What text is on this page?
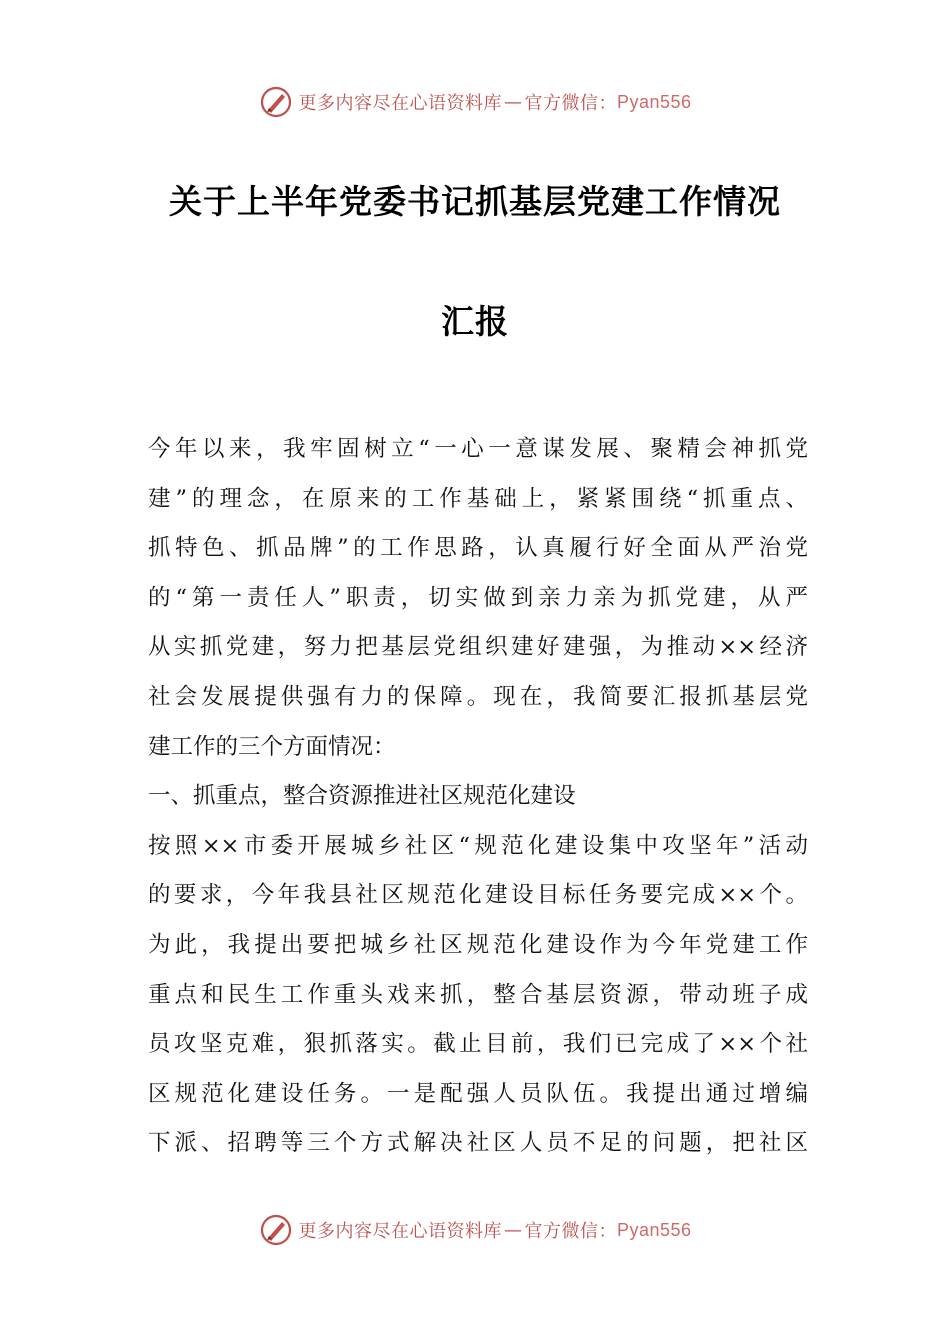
更多内容尽在心语资料库 — 官方微信： Pyan556
关于上半年党委书记抓基层党建工作情况
汇报
今年以来，我牢固树立“一心一意谋发展、聚精会神抓党
建”的理念，在原来的工作基础上，紧紧围绕“抓重点、
抓特色、抓品牌”的工作思路，认真履行好全面从严治党
的“第一责任人”职责，切实做到亲力亲为抓党建，从严
从实抓党建，努力把基层党组织建好建强，为推动××经济
社会发展提供强有力的保障。现在，我简要汇报抓基层党
建工作的三个方面情况：
一、抓重点，整合资源推进社区规范化建设
按照××市委开展城乡社区“规范化建设集中攻坚年”活动
的要求，今年我县社区规范化建设目标任务要完成××个。
为此，我提出要把城乡社区规范化建设作为今年党建工作
重点和民生工作重头戏来抓，整合基层资源，带动班子成
员攻坚克难，狠抓落实。截止目前，我们已完成了××个社
区规范化建设任务。一是配强人员队伍。我提出通过增编
下派、招聘等三个方式解决社区人员不足的问题，把社区
更多内容尽在心语资料库 — 官方微信： Pyan556
